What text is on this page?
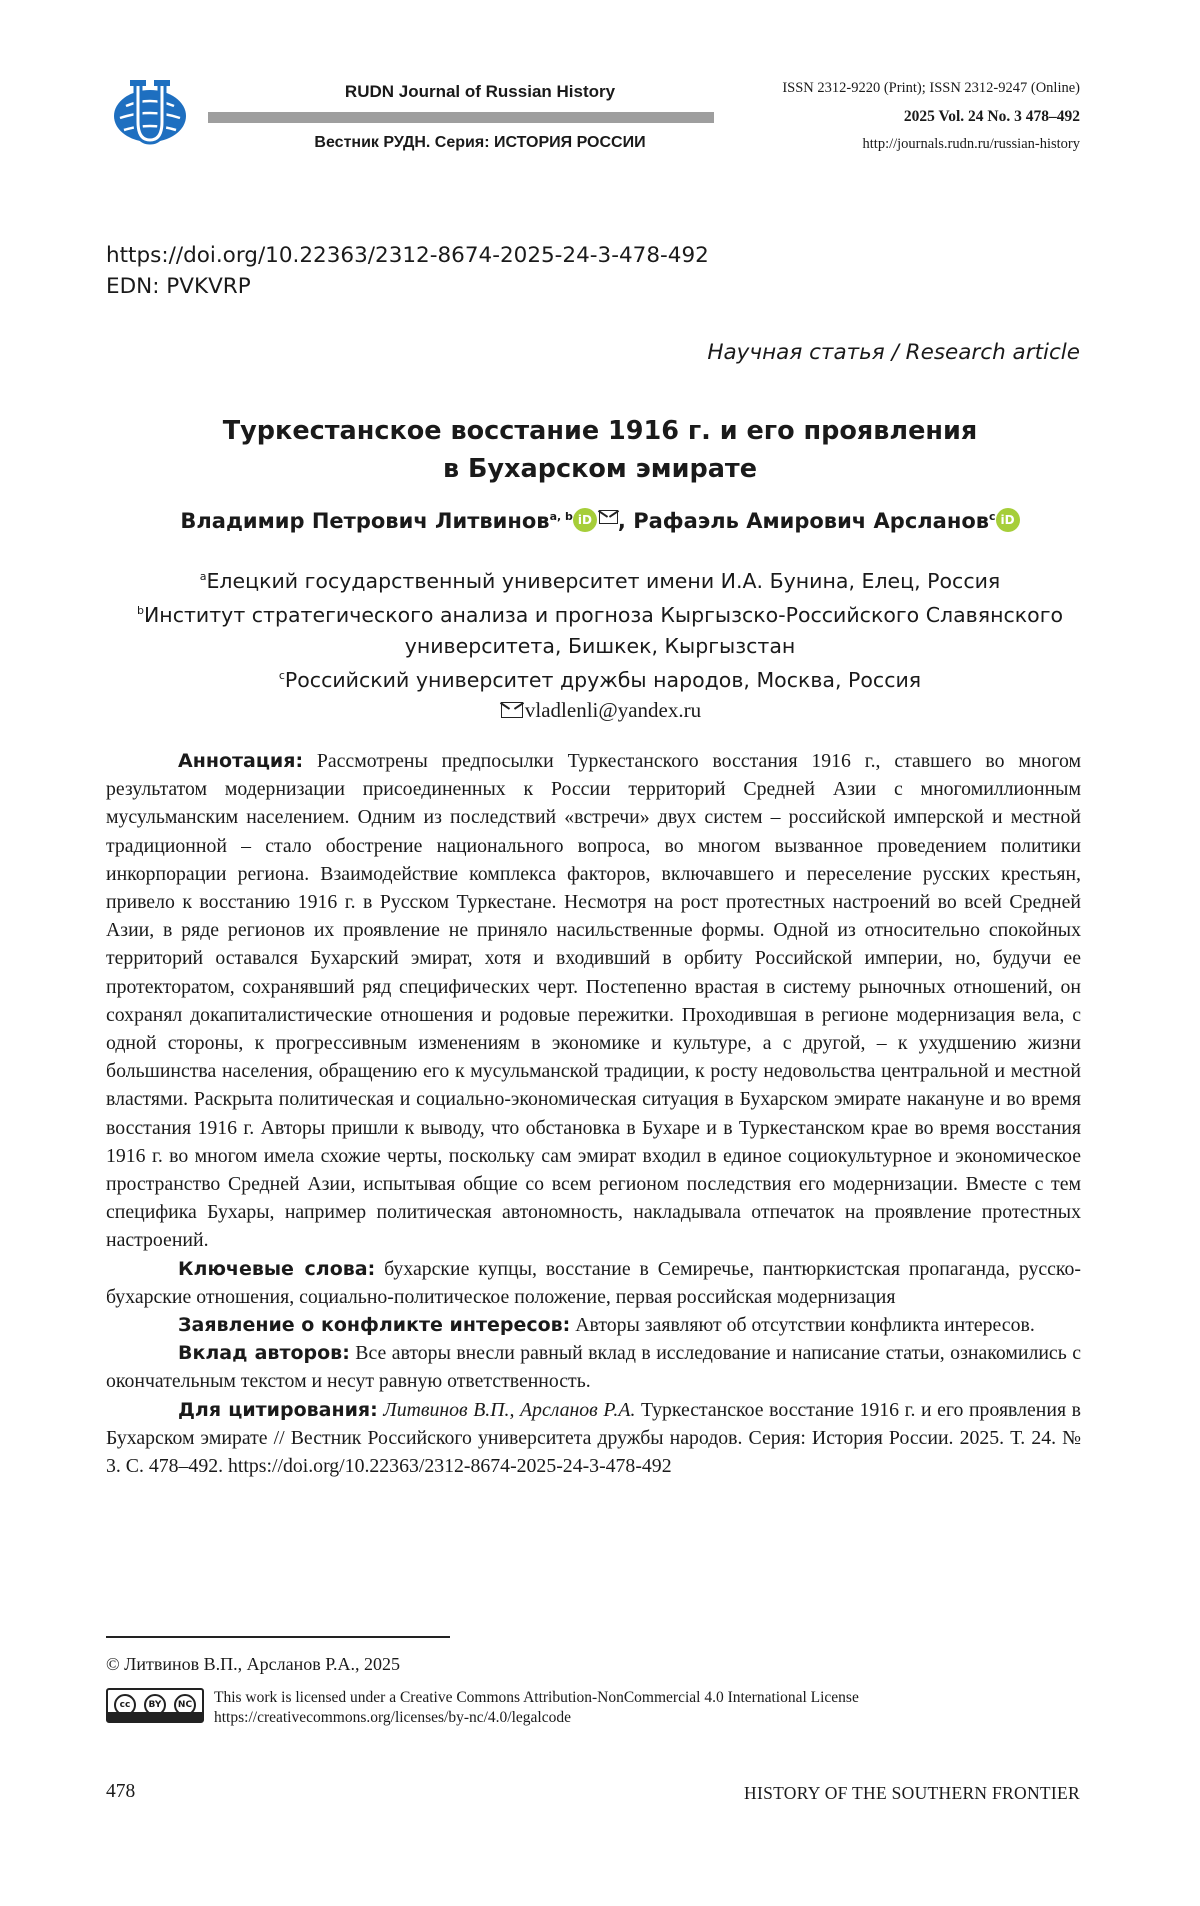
RUDN Journal of Russian History
Вестник РУДН. Серия: ИСТОРИЯ РОССИИ
ISSN 2312-9220 (Print); ISSN 2312-9247 (Online)
2025 Vol. 24 No. 3 478–492
http://journals.rudn.ru/russian-history
https://doi.org/10.22363/2312-8674-2025-24-3-478-492
EDN: PVKVRP
Научная статья / Research article
Туркестанское восстание 1916 г. и его проявления
в Бухарском эмирате
Владимир Петрович Литвинов$^{a, b}$ iD , Рафаэль Амирович Арсланов$^c$ iD
$^a$Елецкий государственный университет имени И.А. Бунина, Елец, Россия
$^b$Институт стратегического анализа и прогноза Кыргызско-Российского Славянского
университета, Бишкек, Кыргызстан
$^c$Российский университет дружбы народов, Москва, Россия
vladlenli@yandex.ru

Аннотация: Рассмотрены предпосылки Туркестанского восстания 1916 г., ставшего во многом результатом модернизации присоединенных к России территорий Средней Азии с многомиллионным мусульманским населением. Одним из последствий «встречи» двух систем – российской имперской и местной традиционной – стало обострение национального вопроса, во многом вызванное проведением политики инкорпорации региона. Взаимодействие комплекса факторов, включавшего и переселение русских крестьян, привело к восстанию 1916 г. в Русском Туркестане. Несмотря на рост протестных настроений во всей Средней Азии, в ряде регионов их проявление не приняло насильственные формы. Одной из относительно спокойных территорий оставался Бухарский эмират, хотя и входивший в орбиту Российской империи, но, будучи ее протекторатом, сохранявший ряд специфических черт. Постепенно врастая в систему рыночных отношений, он сохранял докапиталистические отношения и родовые пережитки. Проходившая в регионе модернизация вела, с одной стороны, к прогрессивным изменениям в экономике и культуре, а с другой, – к ухудшению жизни большинства населения, обращению его к мусульманской традиции, к росту недовольства центральной и местной властями. Раскрыта политическая и социально-экономическая ситуация в Бухарском эмирате накануне и во время восстания 1916 г. Авторы пришли к выводу, что обстановка в Бухаре и в Туркестанском крае во время восстания 1916 г. во многом имела схожие черты, поскольку сам эмират входил в единое социокультурное и экономическое пространство Средней Азии, испытывая общие со всем регионом последствия его модернизации. Вместе с тем специфика Бухары, например политическая автономность, накладывала отпечаток на проявление протестных настроений.

Ключевые слова: бухарские купцы, восстание в Семиречье, пантюркистская пропаганда, русско-бухарские отношения, социально-политическое положение, первая российская модернизация

Заявление о конфликте интересов: Авторы заявляют об отсутствии конфликта интересов.

Вклад авторов: Все авторы внесли равный вклад в исследование и написание статьи, ознакомились с окончательным текстом и несут равную ответственность.

Для цитирования: Литвинов В.П., Арсланов Р.А. Туркестанское восстание 1916 г. и его проявления в Бухарском эмирате // Вестник Российского университета дружбы народов. Серия: История России. 2025. Т. 24. № 3. С. 478–492. https://doi.org/10.22363/2312-8674-2025-24-3-478-492

© Литвинов В.П., Арсланов Р.А., 2025
cc	BY	NC This work is licensed under a Creative Commons Attribution-NonCommercial 4.0 International License
https://creativecommons.org/licenses/by-nc/4.0/legalcode
478	HISTORY OF THE SOUTHERN FRONTIER
